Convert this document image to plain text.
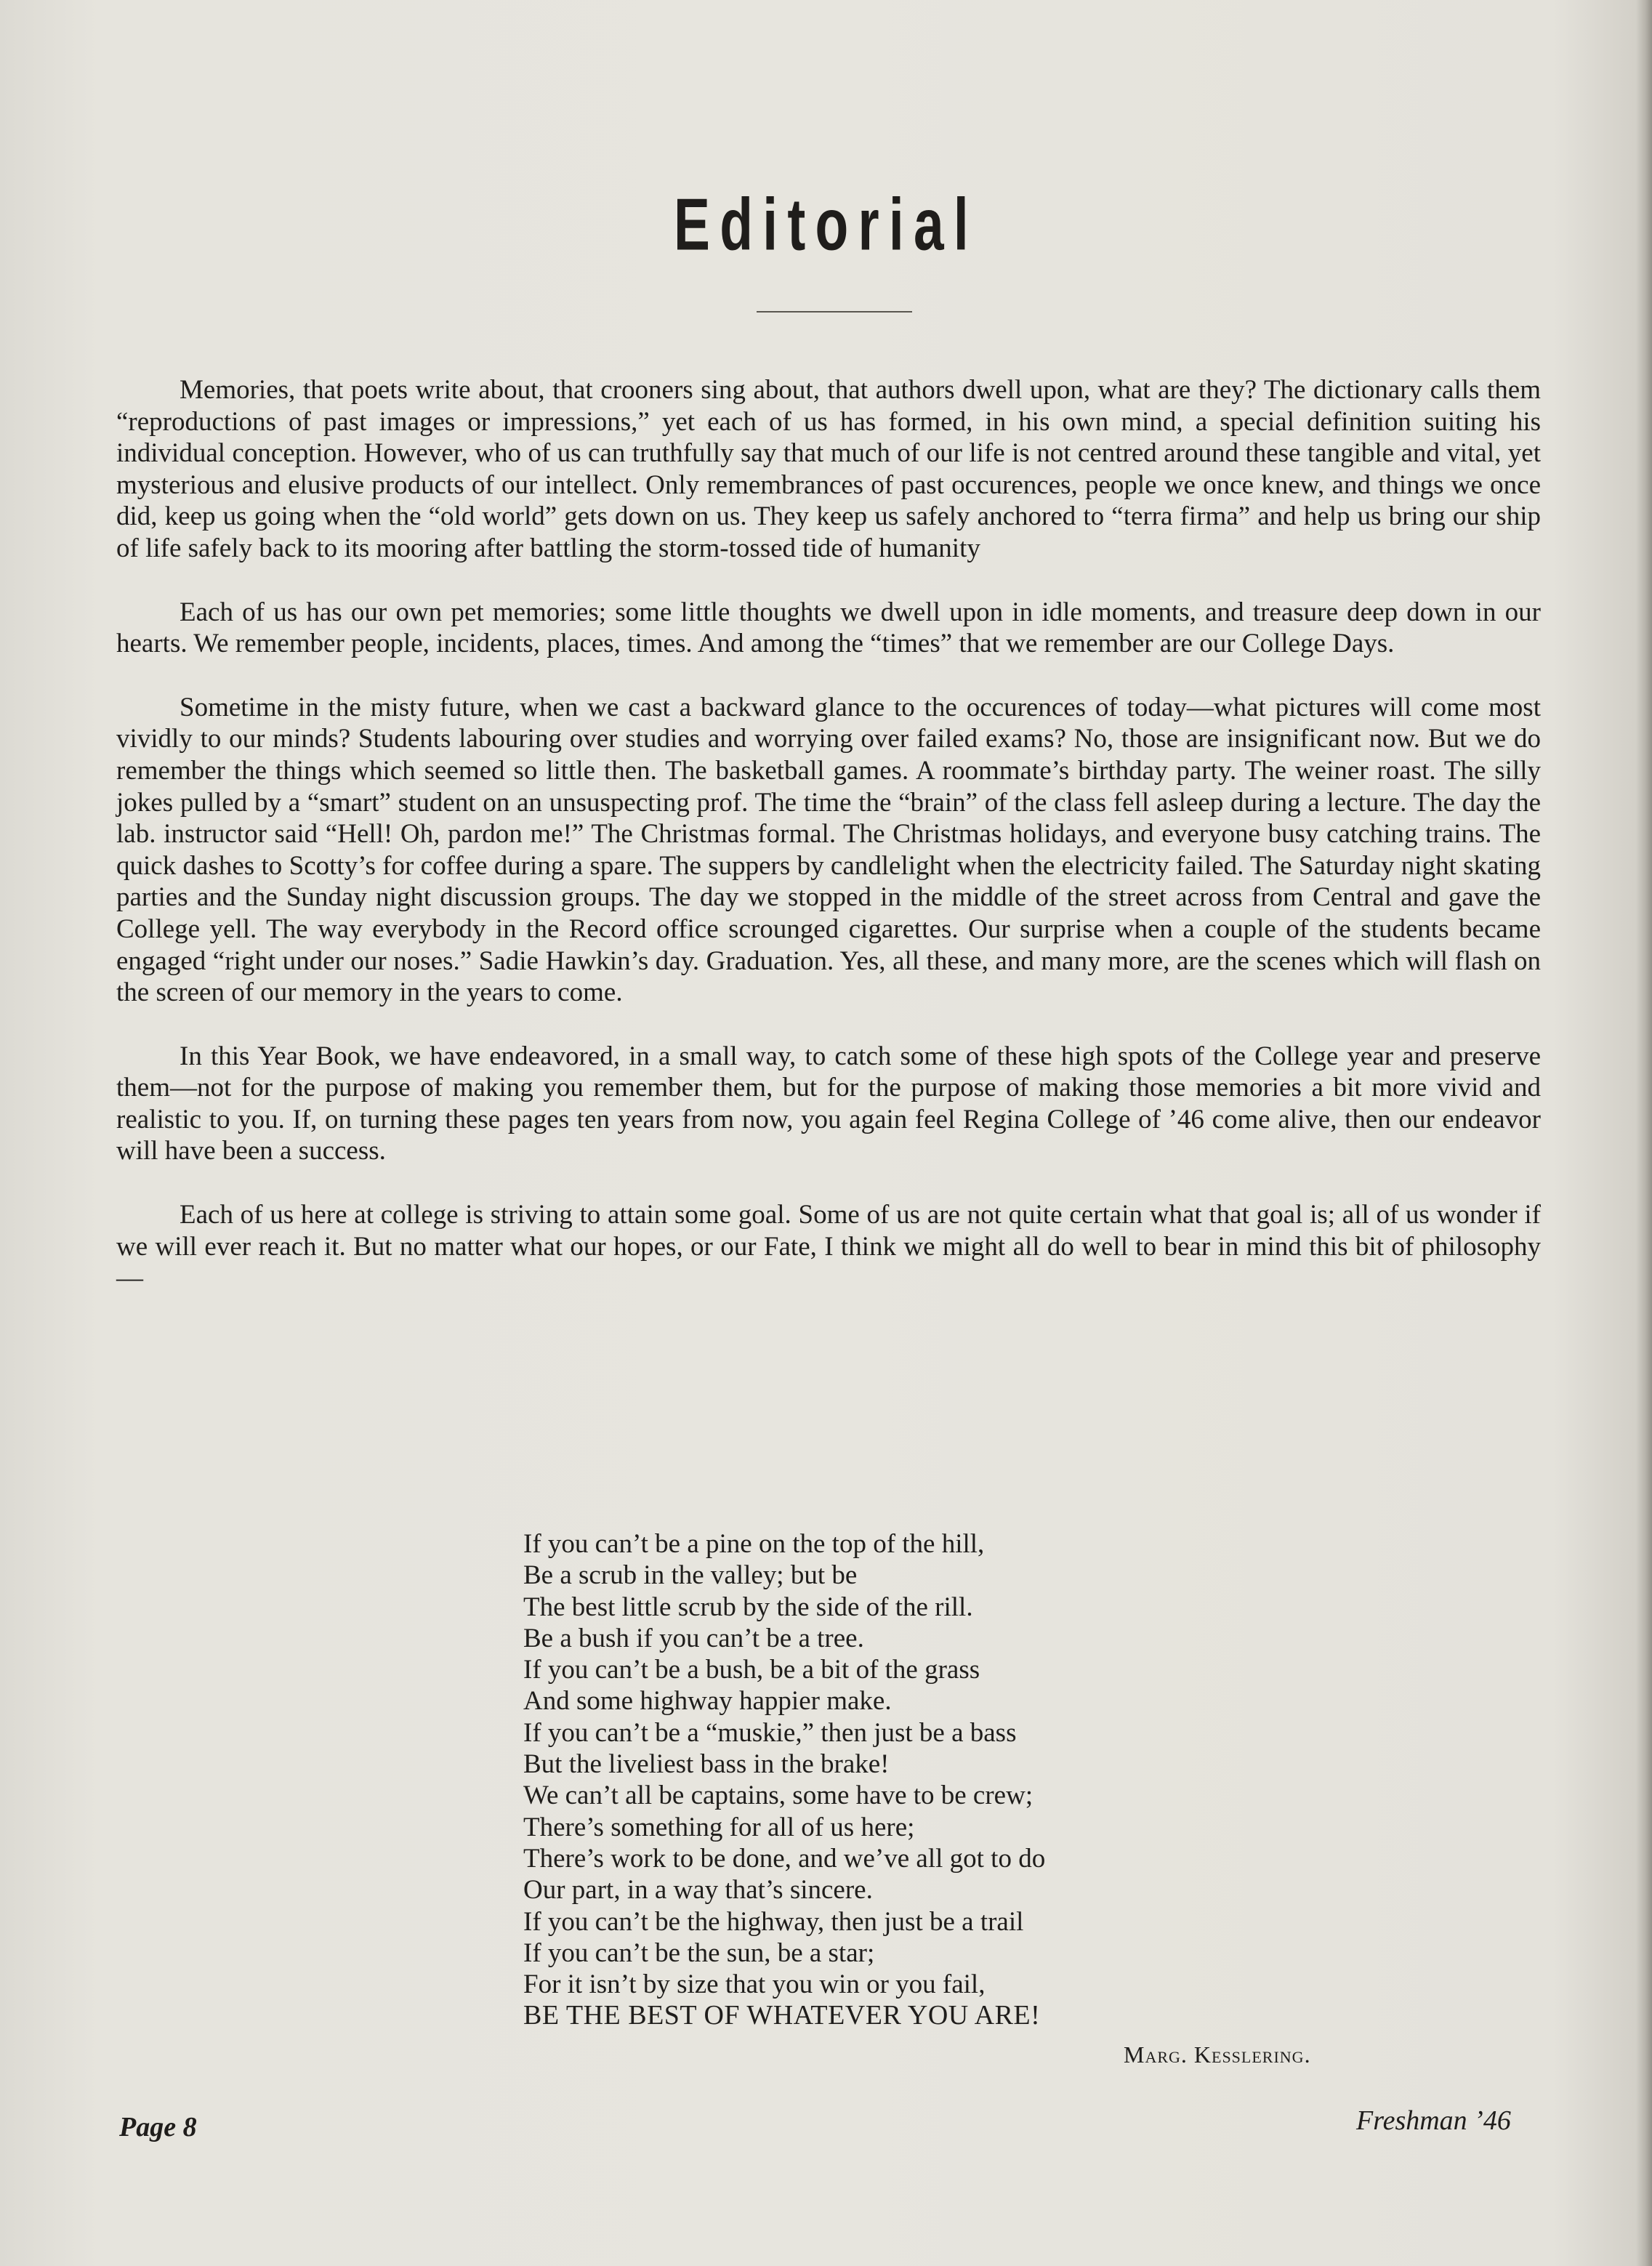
Editorial

Memories, that poets write about, that crooners sing about, that authors dwell upon, what are they? The dictionary calls them “reproductions of past images or impressions,” yet each of us has formed, in his own mind, a special definition suiting his individual conception. However, who of us can truthfully say that much of our life is not centred around these tangible and vital, yet mysterious and elusive products of our intellect. Only remembrances of past occurences, people we once knew, and things we once did, keep us going when the “old world” gets down on us. They keep us safely anchored to “terra firma” and help us bring our ship of life safely back to its mooring after battling the storm-tossed tide of humanity

Each of us has our own pet memories; some little thoughts we dwell upon in idle moments, and treasure deep down in our hearts. We remember people, incidents, places, times. And among the “times” that we remember are our College Days.

Sometime in the misty future, when we cast a backward glance to the occurences of today—what pictures will come most vividly to our minds? Students labouring over studies and worrying over failed exams? No, those are insignificant now. But we do remember the things which seemed so little then. The basketball games. A roommate’s birthday party. The weiner roast. The silly jokes pulled by a “smart” student on an unsuspecting prof. The time the “brain” of the class fell asleep during a lecture. The day the lab. instructor said “Hell! Oh, pardon me!” The Christmas formal. The Christmas holidays, and everyone busy catching trains. The quick dashes to Scotty’s for coffee during a spare. The suppers by candlelight when the electricity failed. The Saturday night skating parties and the Sunday night discussion groups. The day we stopped in the middle of the street across from Central and gave the College yell. The way everybody in the Record office scrounged cigarettes. Our surprise when a couple of the students became engaged “right under our noses.” Sadie Hawkin’s day. Graduation. Yes, all these, and many more, are the scenes which will flash on the screen of our memory in the years to come.

In this Year Book, we have endeavored, in a small way, to catch some of these high spots of the College year and preserve them—not for the purpose of making you remember them, but for the purpose of making those memories a bit more vivid and realistic to you. If, on turning these pages ten years from now, you again feel Regina College of ’46 come alive, then our endeavor will have been a success.

Each of us here at college is striving to attain some goal. Some of us are not quite certain what that goal is; all of us wonder if we will ever reach it. But no matter what our hopes, or our Fate, I think we might all do well to bear in mind this bit of philosophy—

If you can’t be a pine on the top of the hill,
Be a scrub in the valley; but be
The best little scrub by the side of the rill.
Be a bush if you can’t be a tree.
If you can’t be a bush, be a bit of the grass
And some highway happier make.
If you can’t be a “muskie,” then just be a bass
But the liveliest bass in the brake!
We can’t all be captains, some have to be crew;
There’s something for all of us here;
There’s work to be done, and we’ve all got to do
Our part, in a way that’s sincere.
If you can’t be the highway, then just be a trail
If you can’t be the sun, be a star;
For it isn’t by size that you win or you fail,
BE THE BEST OF WHATEVER YOU ARE!
Marg. Kesslering.
Page 8	Freshman ’46
